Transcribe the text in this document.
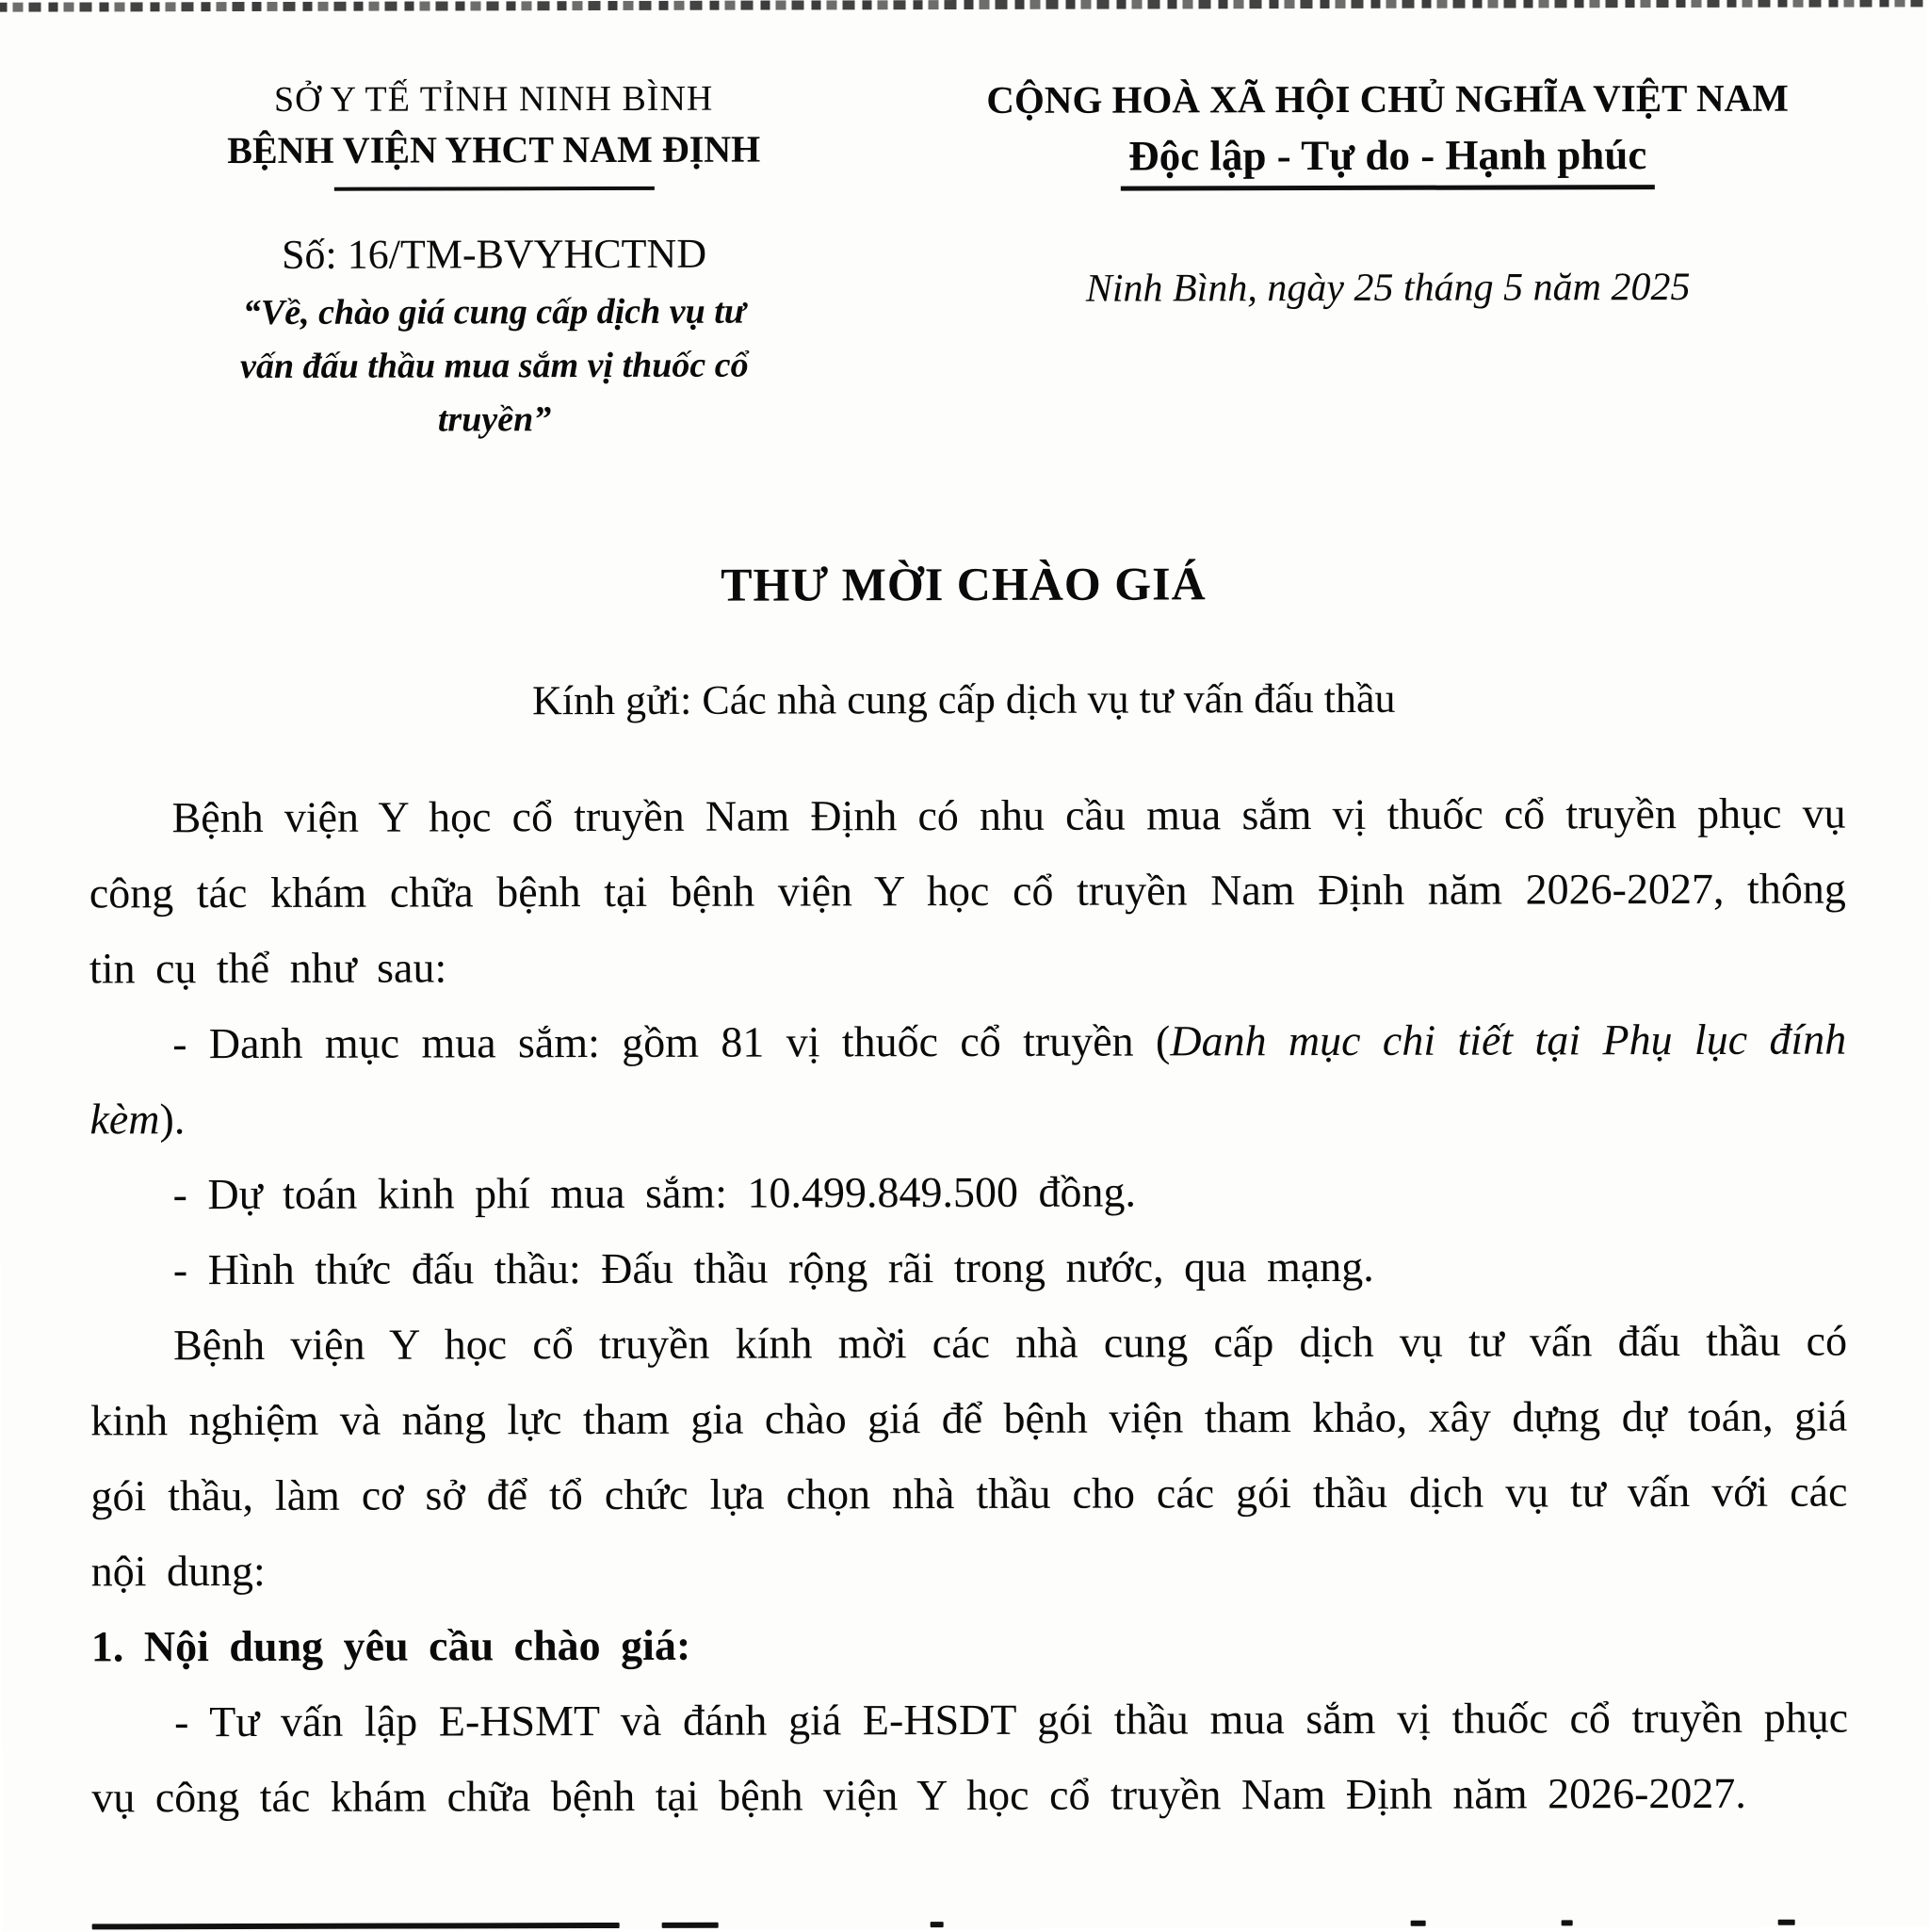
SỞ Y TẾ TỈNH NINH BÌNH
BỆNH VIỆN YHCT NAM ĐỊNH
Số: 16/TM-BVYHCTND
“Về, chào giá cung cấp dịch vụ tư vấn đấu thầu mua sắm vị thuốc cổ truyền”
CỘNG HOÀ XÃ HỘI CHỦ NGHĨA VIỆT NAM
Độc lập - Tự do - Hạnh phúc
Ninh Bình, ngày 25 tháng 5 năm 2025
THƯ MỜI CHÀO GIÁ
Kính gửi: Các nhà cung cấp dịch vụ tư vấn đấu thầu

Bệnh viện Y học cổ truyền Nam Định có nhu cầu mua sắm vị thuốc cổ truyền phục vụ công tác khám chữa bệnh tại bệnh viện Y học cổ truyền Nam Định năm 2026-2027, thông tin cụ thể như sau:

- Danh mục mua sắm: gồm 81 vị thuốc cổ truyền (Danh mục chi tiết tại Phụ lục đính kèm).

- Dự toán kinh phí mua sắm: 10.499.849.500 đồng.

- Hình thức đấu thầu: Đấu thầu rộng rãi trong nước, qua mạng.

Bệnh viện Y học cổ truyền kính mời các nhà cung cấp dịch vụ tư vấn đấu thầu có kinh nghiệm và năng lực tham gia chào giá để bệnh viện tham khảo, xây dựng dự toán, giá gói thầu, làm cơ sở để tổ chức lựa chọn nhà thầu cho các gói thầu dịch vụ tư vấn với các nội dung:

1. Nội dung yêu cầu chào giá:

- Tư vấn lập E-HSMT và đánh giá E-HSDT gói thầu mua sắm vị thuốc cổ truyền phục vụ công tác khám chữa bệnh tại bệnh viện Y học cổ truyền Nam Định năm 2026-2027.
